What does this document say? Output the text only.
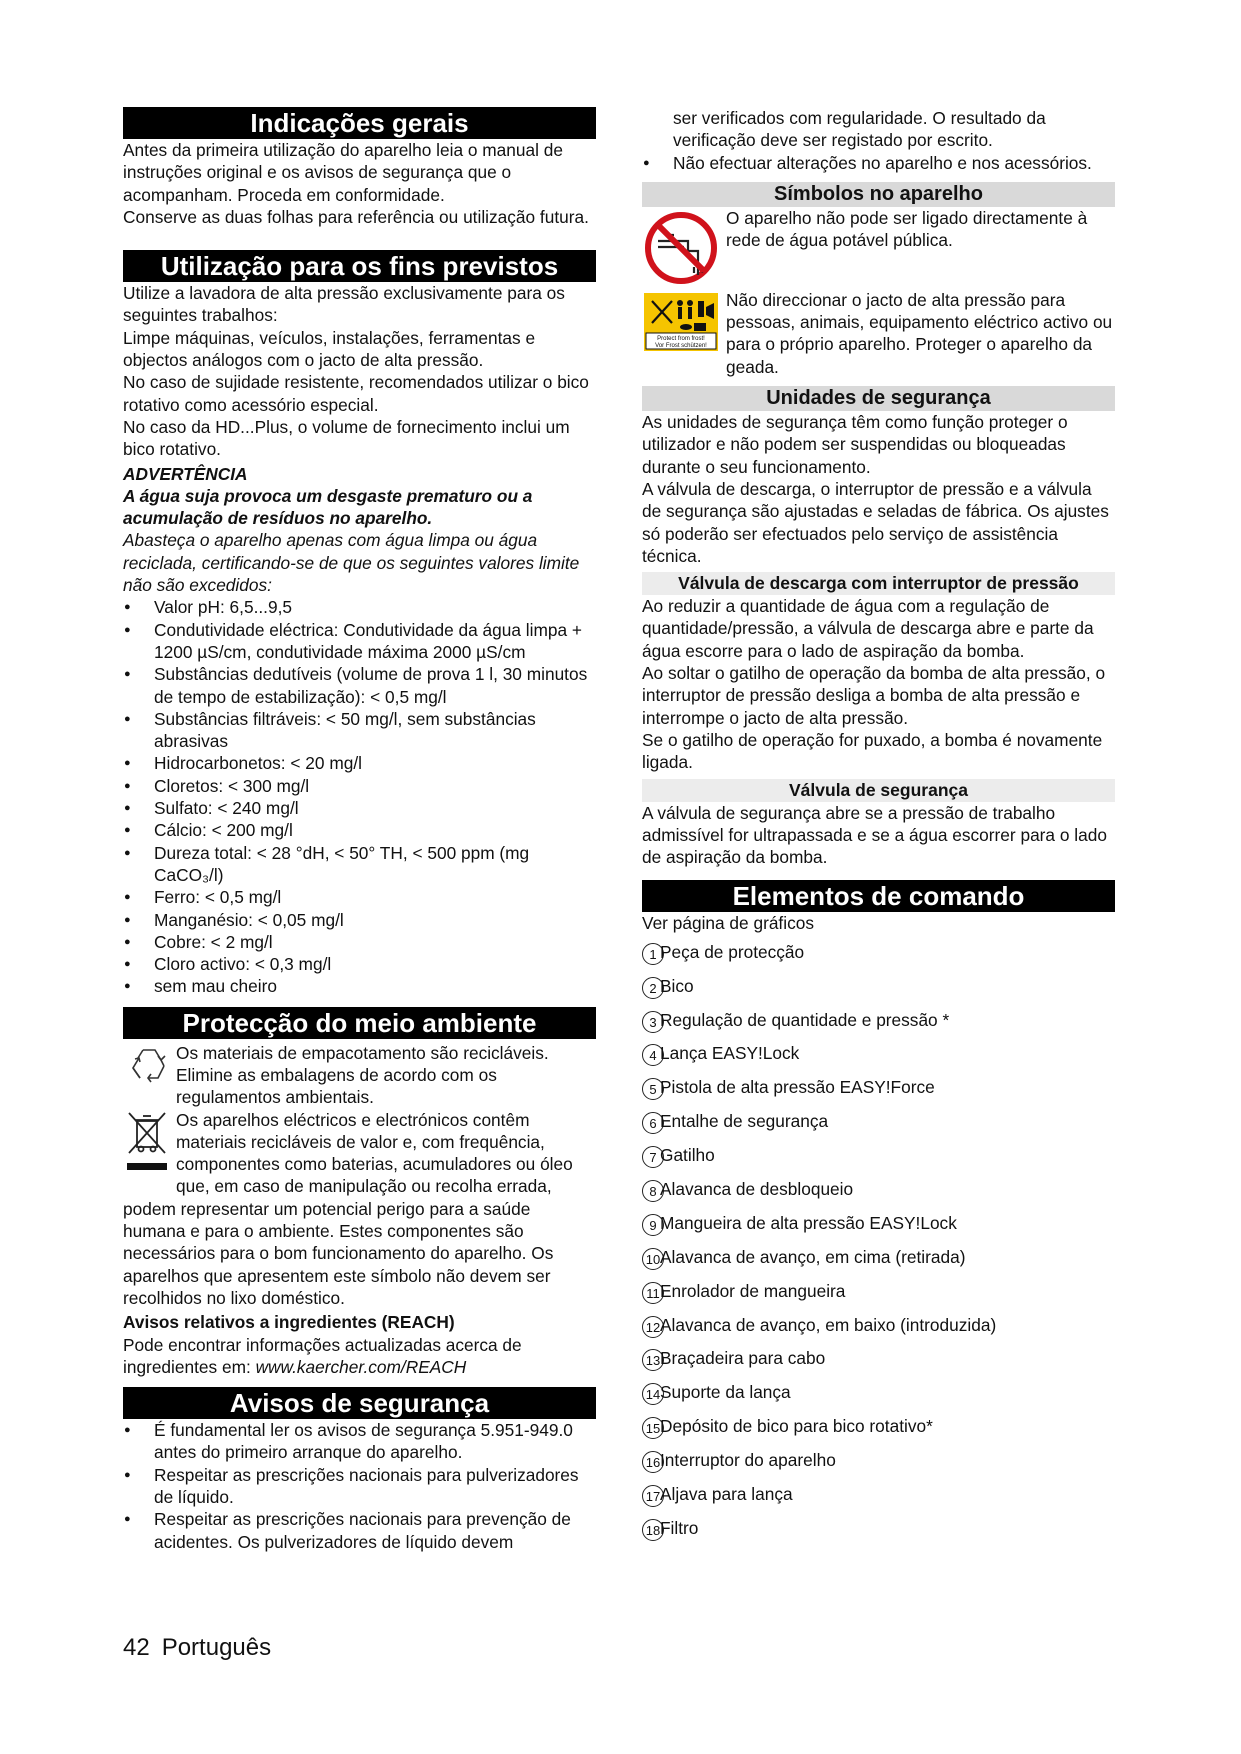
Indicações gerais

Antes da primeira utilização do aparelho leia o manual de instruções original e os avisos de segurança que o acompanham. Proceda em conformidade.

Conserve as duas folhas para referência ou utilização futura.

Utilização para os fins previstos

Utilize a lavadora de alta pressão exclusivamente para os seguintes trabalhos:

Limpe máquinas, veículos, instalações, ferramentas e objectos análogos com o jacto de alta pressão.

No caso de sujidade resistente, recomendados utilizar o bico rotativo como acessório especial.

No caso da HD...Plus, o volume de fornecimento inclui um bico rotativo.

ADVERTÊNCIA

A água suja provoca um desgaste prematuro ou a acumulação de resíduos no aparelho.

Abasteça o aparelho apenas com água limpa ou água reciclada, certificando-se de que os seguintes valores limite não são excedidos:

● Valor pH: 6,5...9,5
● Condutividade eléctrica: Condutividade da água limpa + 1200 µS/cm, condutividade máxima 2000 µS/cm
● Substâncias dedutíveis (volume de prova 1 l, 30 minutos de tempo de estabilização): < 0,5 mg/l
● Substâncias filtráveis: < 50 mg/l, sem substâncias abrasivas
● Hidrocarbonetos: < 20 mg/l
● Cloretos: < 300 mg/l
● Sulfato: < 240 mg/l
● Cálcio: < 200 mg/l
● Dureza total: < 28 °dH, < 50° TH, < 500 ppm (mg CaCO₃/l)
● Ferro: < 0,5 mg/l
● Manganésio: < 0,05 mg/l
● Cobre: < 2 mg/l
● Cloro activo: < 0,3 mg/l
● sem mau cheiro
Protecção do meio ambiente

Os materiais de empacotamento são recicláveis. Elimine as embalagens de acordo com os regulamentos ambientais.

Os aparelhos eléctricos e electrónicos contêm materiais recicláveis de valor e, com frequência, componentes como baterias, acumuladores ou óleo que, em caso de manipulação ou recolha errada, podem representar um potencial perigo para a saúde humana e para o ambiente. Estes componentes são necessários para o bom funcionamento do aparelho. Os aparelhos que apresentem este símbolo não devem ser recolhidos no lixo doméstico.

Avisos relativos a ingredientes (REACH)

Pode encontrar informações actualizadas acerca de ingredientes em: www.kaercher.com/REACH

Avisos de segurança
● É fundamental ler os avisos de segurança 5.951-949.0 antes do primeiro arranque do aparelho.
● Respeitar as prescrições nacionais para pulverizadores de líquido.
● Respeitar as prescrições nacionais para prevenção de acidentes. Os pulverizadores de líquido devem

ser verificados com regularidade. O resultado da verificação deve ser registado por escrito.

● Não efectuar alterações no aparelho e nos acessórios.
Símbolos no aparelho

O aparelho não pode ser ligado directamente à rede de água potável pública.

Protect from frost!
Vor Frost schützen!

Não direccionar o jacto de alta pressão para pessoas, animais, equipamento eléctrico activo ou para o próprio aparelho. Proteger o aparelho da geada.

Unidades de segurança

As unidades de segurança têm como função proteger o utilizador e não podem ser suspendidas ou bloqueadas durante o seu funcionamento.

A válvula de descarga, o interruptor de pressão e a válvula de segurança são ajustadas e seladas de fábrica. Os ajustes só poderão ser efectuados pelo serviço de assistência técnica.

Válvula de descarga com interruptor de pressão

Ao reduzir a quantidade de água com a regulação de quantidade/pressão, a válvula de descarga abre e parte da água escorre para o lado de aspiração da bomba.

Ao soltar o gatilho de operação da bomba de alta pressão, o interruptor de pressão desliga a bomba de alta pressão e interrompe o jacto de alta pressão.

Se o gatilho de operação for puxado, a bomba é novamente ligada.

Válvula de segurança

A válvula de segurança abre se a pressão de trabalho admissível for ultrapassada e se a água escorrer para o lado de aspiração da bomba.

Elementos de comando

Ver página de gráficos

1 Peça de protecção
2 Bico
3 Regulação de quantidade e pressão *
4 Lança EASY!Lock
5 Pistola de alta pressão EASY!Force
6 Entalhe de segurança
7 Gatilho
8 Alavanca de desbloqueio
9 Mangueira de alta pressão EASY!Lock
10 Alavanca de avanço, em cima (retirada)
11 Enrolador de mangueira
12 Alavanca de avanço, em baixo (introduzida)
13 Braçadeira para cabo
14 Suporte da lança
15 Depósito de bico para bico rotativo*
16 Interruptor do aparelho
17 Aljava para lança
18 Filtro
42 Português
